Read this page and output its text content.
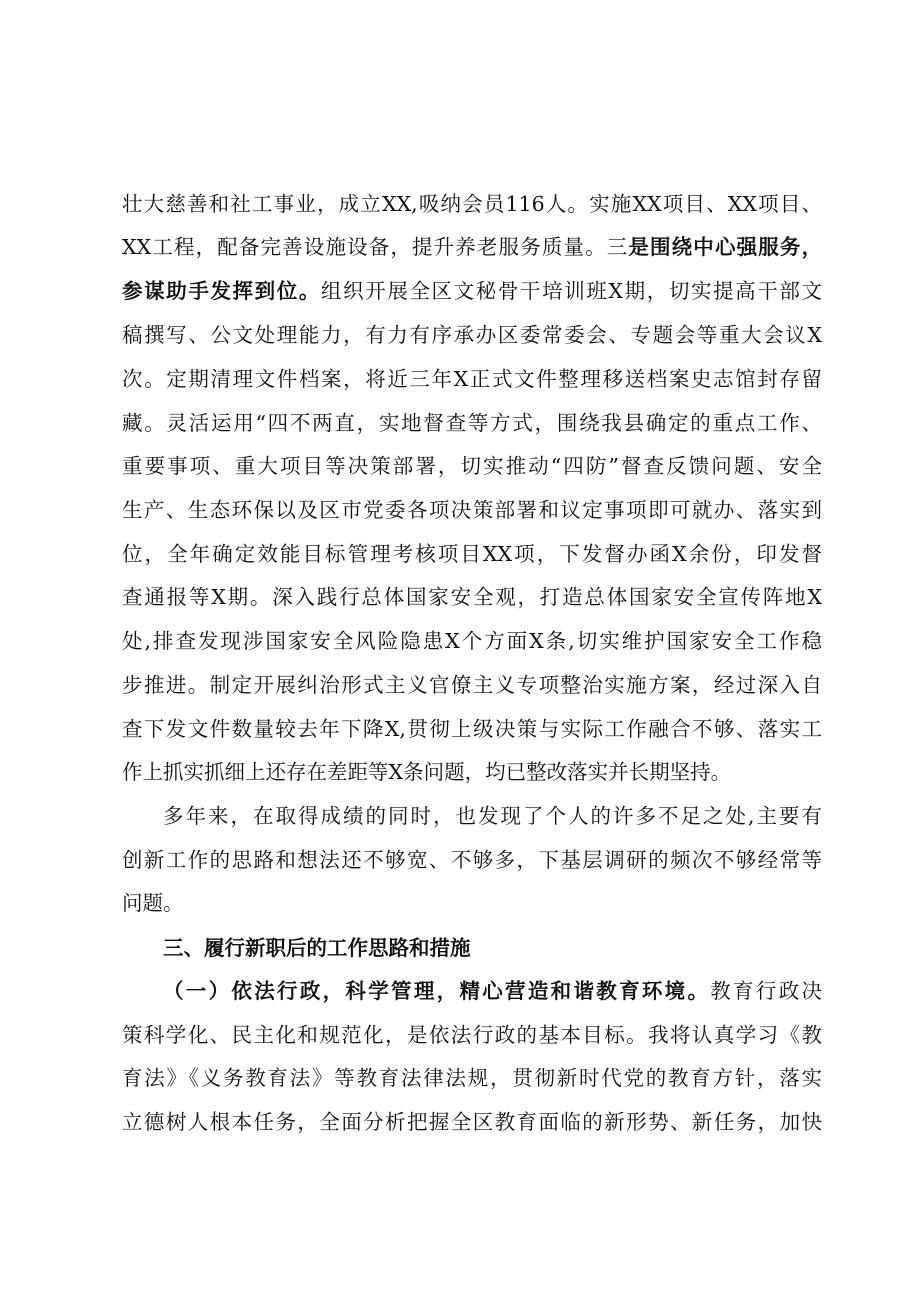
壮大慈善和社工事业，成立XX,吸纳会员116人。实施XX项目、XX项目、

XX工程，配备完善设施设备，提升养老服务质量。三是围绕中心强服务，

参谋助手发挥到位。组织开展全区文秘骨干培训班X期，切实提高干部文

稿撰写、公文处理能力，有力有序承办区委常委会、专题会等重大会议X

次。定期清理文件档案，将近三年X正式文件整理移送档案史志馆封存留

藏。灵活运用“四不两直，实地督查等方式，围绕我县确定的重点工作、

重要事项、重大项目等决策部署，切实推动“四防”督查反馈问题、安全

生产、生态环保以及区市党委各项决策部署和议定事项即可就办、落实到

位，全年确定效能目标管理考核项目XX项，下发督办函X余份，印发督

查通报等X期。深入践行总体国家安全观，打造总体国家安全宣传阵地X

处,排查发现涉国家安全风险隐患X个方面X条,切实维护国家安全工作稳

步推进。制定开展纠治形式主义官僚主义专项整治实施方案，经过深入自

查下发文件数量较去年下降X,贯彻上级决策与实际工作融合不够、落实工

作上抓实抓细上还存在差距等X条问题，均已整改落实并长期坚持。

多年来，在取得成绩的同时，也发现了个人的许多不足之处,主要有

创新工作的思路和想法还不够宽、不够多，下基层调研的频次不够经常等

问题。

三、履行新职后的工作思路和措施

（一）依法行政，科学管理，精心营造和谐教育环境。教育行政决

策科学化、民主化和规范化，是依法行政的基本目标。我将认真学习《教

育法》《义务教育法》等教育法律法规，贯彻新时代党的教育方针，落实

立德树人根本任务，全面分析把握全区教育面临的新形势、新任务，加快
